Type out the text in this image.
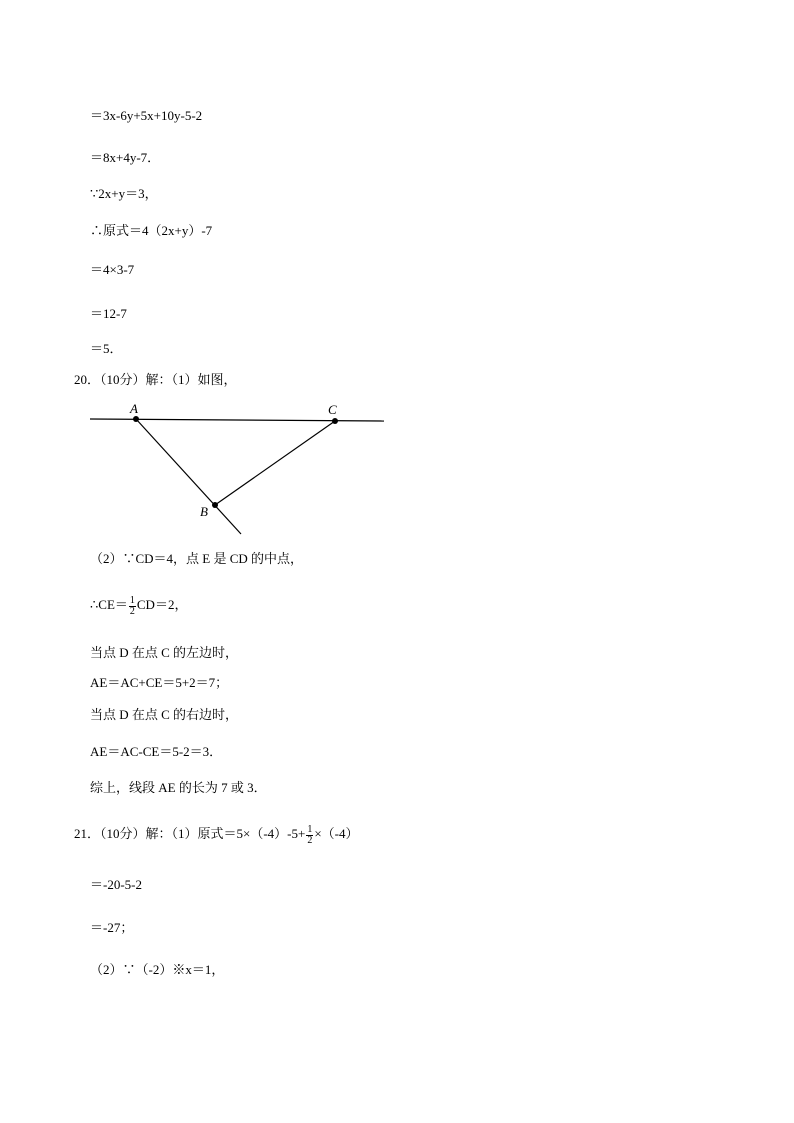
＝3x-6y+5x+10y-5-2
＝8x+4y-7．
∵2x+y＝3，
∴原式＝4（2x+y）-7
＝4×3-7
＝12-7
＝5．
20．（10分）解：（1）如图，
A	C
B
（2）∵CD＝4，点 E 是 CD 的中点，
∴CE＝ $\frac{1}{2} CD=2$，
当点 D 在点 C 的左边时，
AE＝AC+CE＝5+2＝7；
当点 D 在点 C 的右边时，
AE＝AC-CE＝5-2＝3．
综上，线段 AE 的长为 7 或 3．
21．（10分）解：（1）原式$=5\times(-4)-5+ \frac{1}{2} \times(-4)$
＝-20-5-2
＝-27；
（2）∵（-2）※x＝1，
